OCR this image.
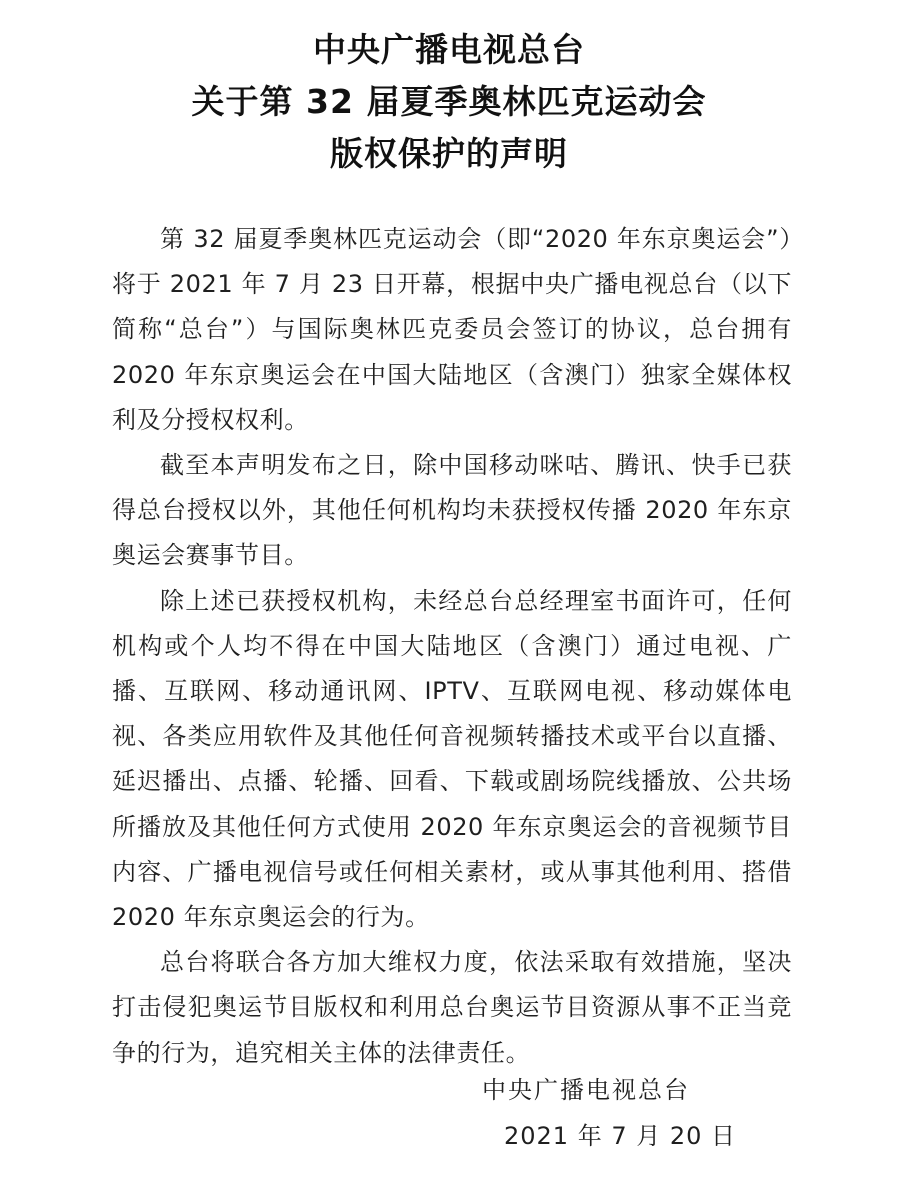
中央广播电视总台
关于第 32 届夏季奥林匹克运动会
版权保护的声明

第 32 届夏季奥林匹克运动会（即“2020 年东京奥运会”）将于 2021 年 7 月 23 日开幕，根据中央广播电视总台（以下简称“总台”）与国际奥林匹克委员会签订的协议，总台拥有 2020 年东京奥运会在中国大陆地区（含澳门）独家全媒体权利及分授权权利。

截至本声明发布之日，除中国移动咪咕、腾讯、快手已获得总台授权以外，其他任何机构均未获授权传播 2020 年东京奥运会赛事节目。

除上述已获授权机构，未经总台总经理室书面许可，任何机构或个人均不得在中国大陆地区（含澳门）通过电视、广播、互联网、移动通讯网、IPTV、互联网电视、移动媒体电视、各类应用软件及其他任何音视频转播技术或平台以直播、延迟播出、点播、轮播、回看、下载或剧场院线播放、公共场所播放及其他任何方式使用 2020 年东京奥运会的音视频节目内容、广播电视信号或任何相关素材，或从事其他利用、搭借 2020 年东京奥运会的行为。

总台将联合各方加大维权力度，依法采取有效措施，坚决打击侵犯奥运节目版权和利用总台奥运节目资源从事不正当竞争的行为，追究相关主体的法律责任。

中央广播电视总台
2021 年 7 月 20 日
